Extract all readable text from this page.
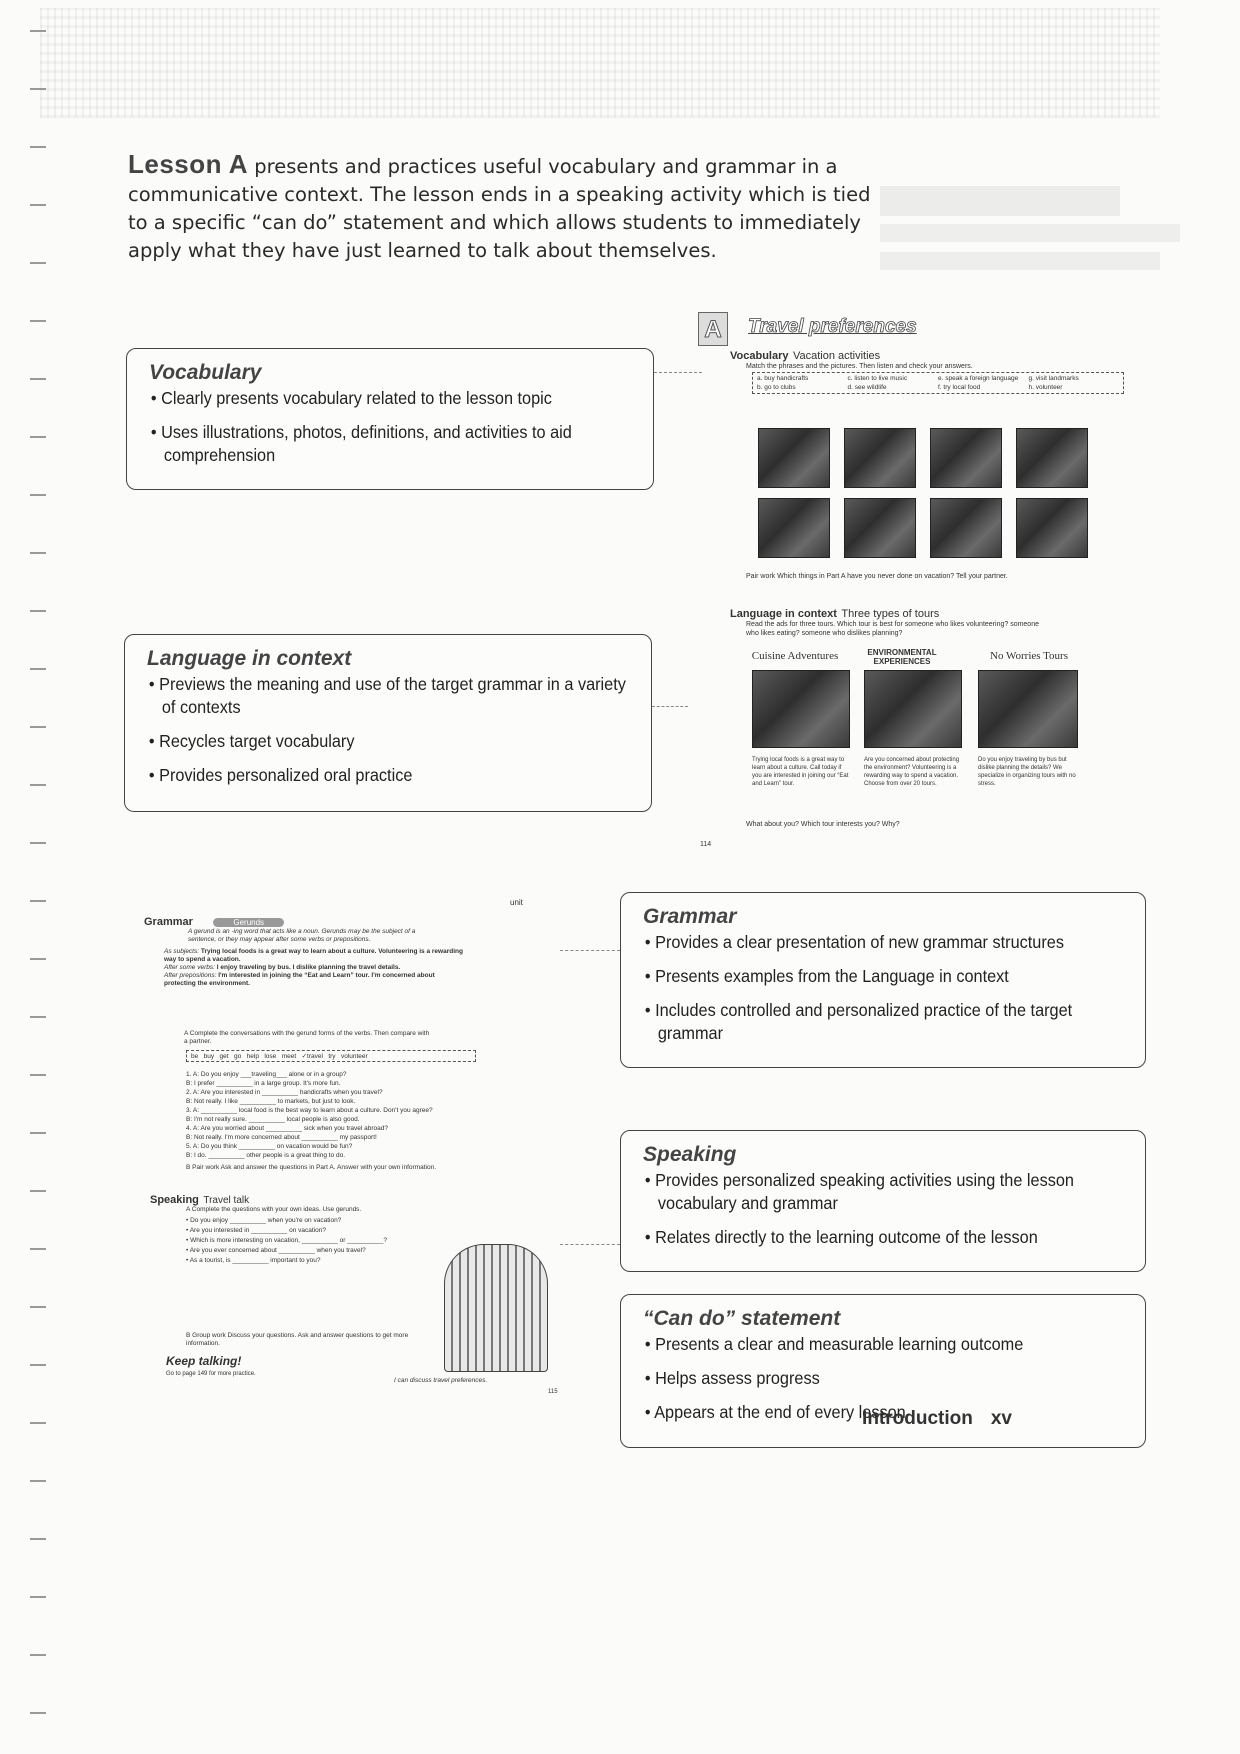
Lesson A presents and practices useful vocabulary and grammar in a communicative context. The lesson ends in a speaking activity which is tied to a specific “can do” statement and which allows students to immediately apply what they have just learned to talk about themselves.
Vocabulary
• Clearly presents vocabulary related to the lesson topic
• Uses illustrations, photos, definitions, and activities to aid comprehension
Language in context
• Previews the meaning and use of the target grammar in a variety of contexts
• Recycles target vocabulary
• Provides personalized oral practice
Grammar
• Provides a clear presentation of new grammar structures
• Presents examples from the Language in context
• Includes controlled and personalized practice of the target grammar
Speaking
• Provides personalized speaking activities using the lesson vocabulary and grammar
• Relates directly to the learning outcome of the lesson
“Can do” statement
• Presents a clear and measurable learning outcome
• Helps assess progress
• Appears at the end of every lesson
A	Travel preferences
Vocabulary Vacation activities
Match the phrases and the pictures. Then listen and check your answers.
a. buy handicrafts	c. listen to live music	e. speak a foreign language	g. visit landmarks
b. go to clubs	d. see wildlife	f. try local food	h. volunteer
Pair work Which things in Part A have you never done on vacation? Tell your partner.
Language in context Three types of tours
Read the ads for three tours. Which tour is best for someone who likes volunteering? someone who likes eating? someone who dislikes planning?
Cuisine Adventures	ENVIRONMENTAL EXPERIENCES	No Worries Tours
Trying local foods is a great way to learn about a culture. Call today if you are interested in joining our “Eat and Learn” tour.
Are you concerned about protecting the environment? Volunteering is a rewarding way to spend a vacation. Choose from over 20 tours.
Do you enjoy traveling by bus but dislike planning the details? We specialize in organizing tours with no stress.
What about you? Which tour interests you? Why?
114
unit
Grammar	Gerunds
A gerund is an -ing word that acts like a noun. Gerunds may be the subject of a sentence, or they may appear after some verbs or prepositions.
As subjects: Trying local foods is a great way to learn about a culture. Volunteering is a rewarding way to spend a vacation.
After some verbs: I enjoy traveling by bus. I dislike planning the travel details.
After prepositions: I'm interested in joining the “Eat and Learn” tour. I'm concerned about protecting the environment.
A Complete the conversations with the gerund forms of the verbs. Then compare with a partner.
be   buy   get   go   help   lose   meet   ✓travel   try   volunteer
1. A: Do you enjoy ___traveling___ alone or in a group?
B: I prefer __________ in a large group. It's more fun.
2. A: Are you interested in __________ handicrafts when you travel?
B: Not really. I like __________ to markets, but just to look.
3. A: __________ local food is the best way to learn about a culture. Don't you agree?
B: I'm not really sure. __________ local people is also good.
4. A: Are you worried about __________ sick when you travel abroad?
B: Not really. I'm more concerned about __________ my passport!
5. A: Do you think __________ on vacation would be fun?
B: I do. __________ other people is a great thing to do.
B Pair work Ask and answer the questions in Part A. Answer with your own information.
Speaking Travel talk
A Complete the questions with your own ideas. Use gerunds.
• Do you enjoy __________ when you're on vacation?
• Are you interested in __________ on vacation?
• Which is more interesting on vacation, __________ or __________?
• Are you ever concerned about __________ when you travel?
• As a tourist, is __________ important to you?
B Group work Discuss your questions. Ask and answer questions to get more information.
Keep talking!
Go to page 149 for more practice.
I can discuss travel preferences.
115
Introduction xv
